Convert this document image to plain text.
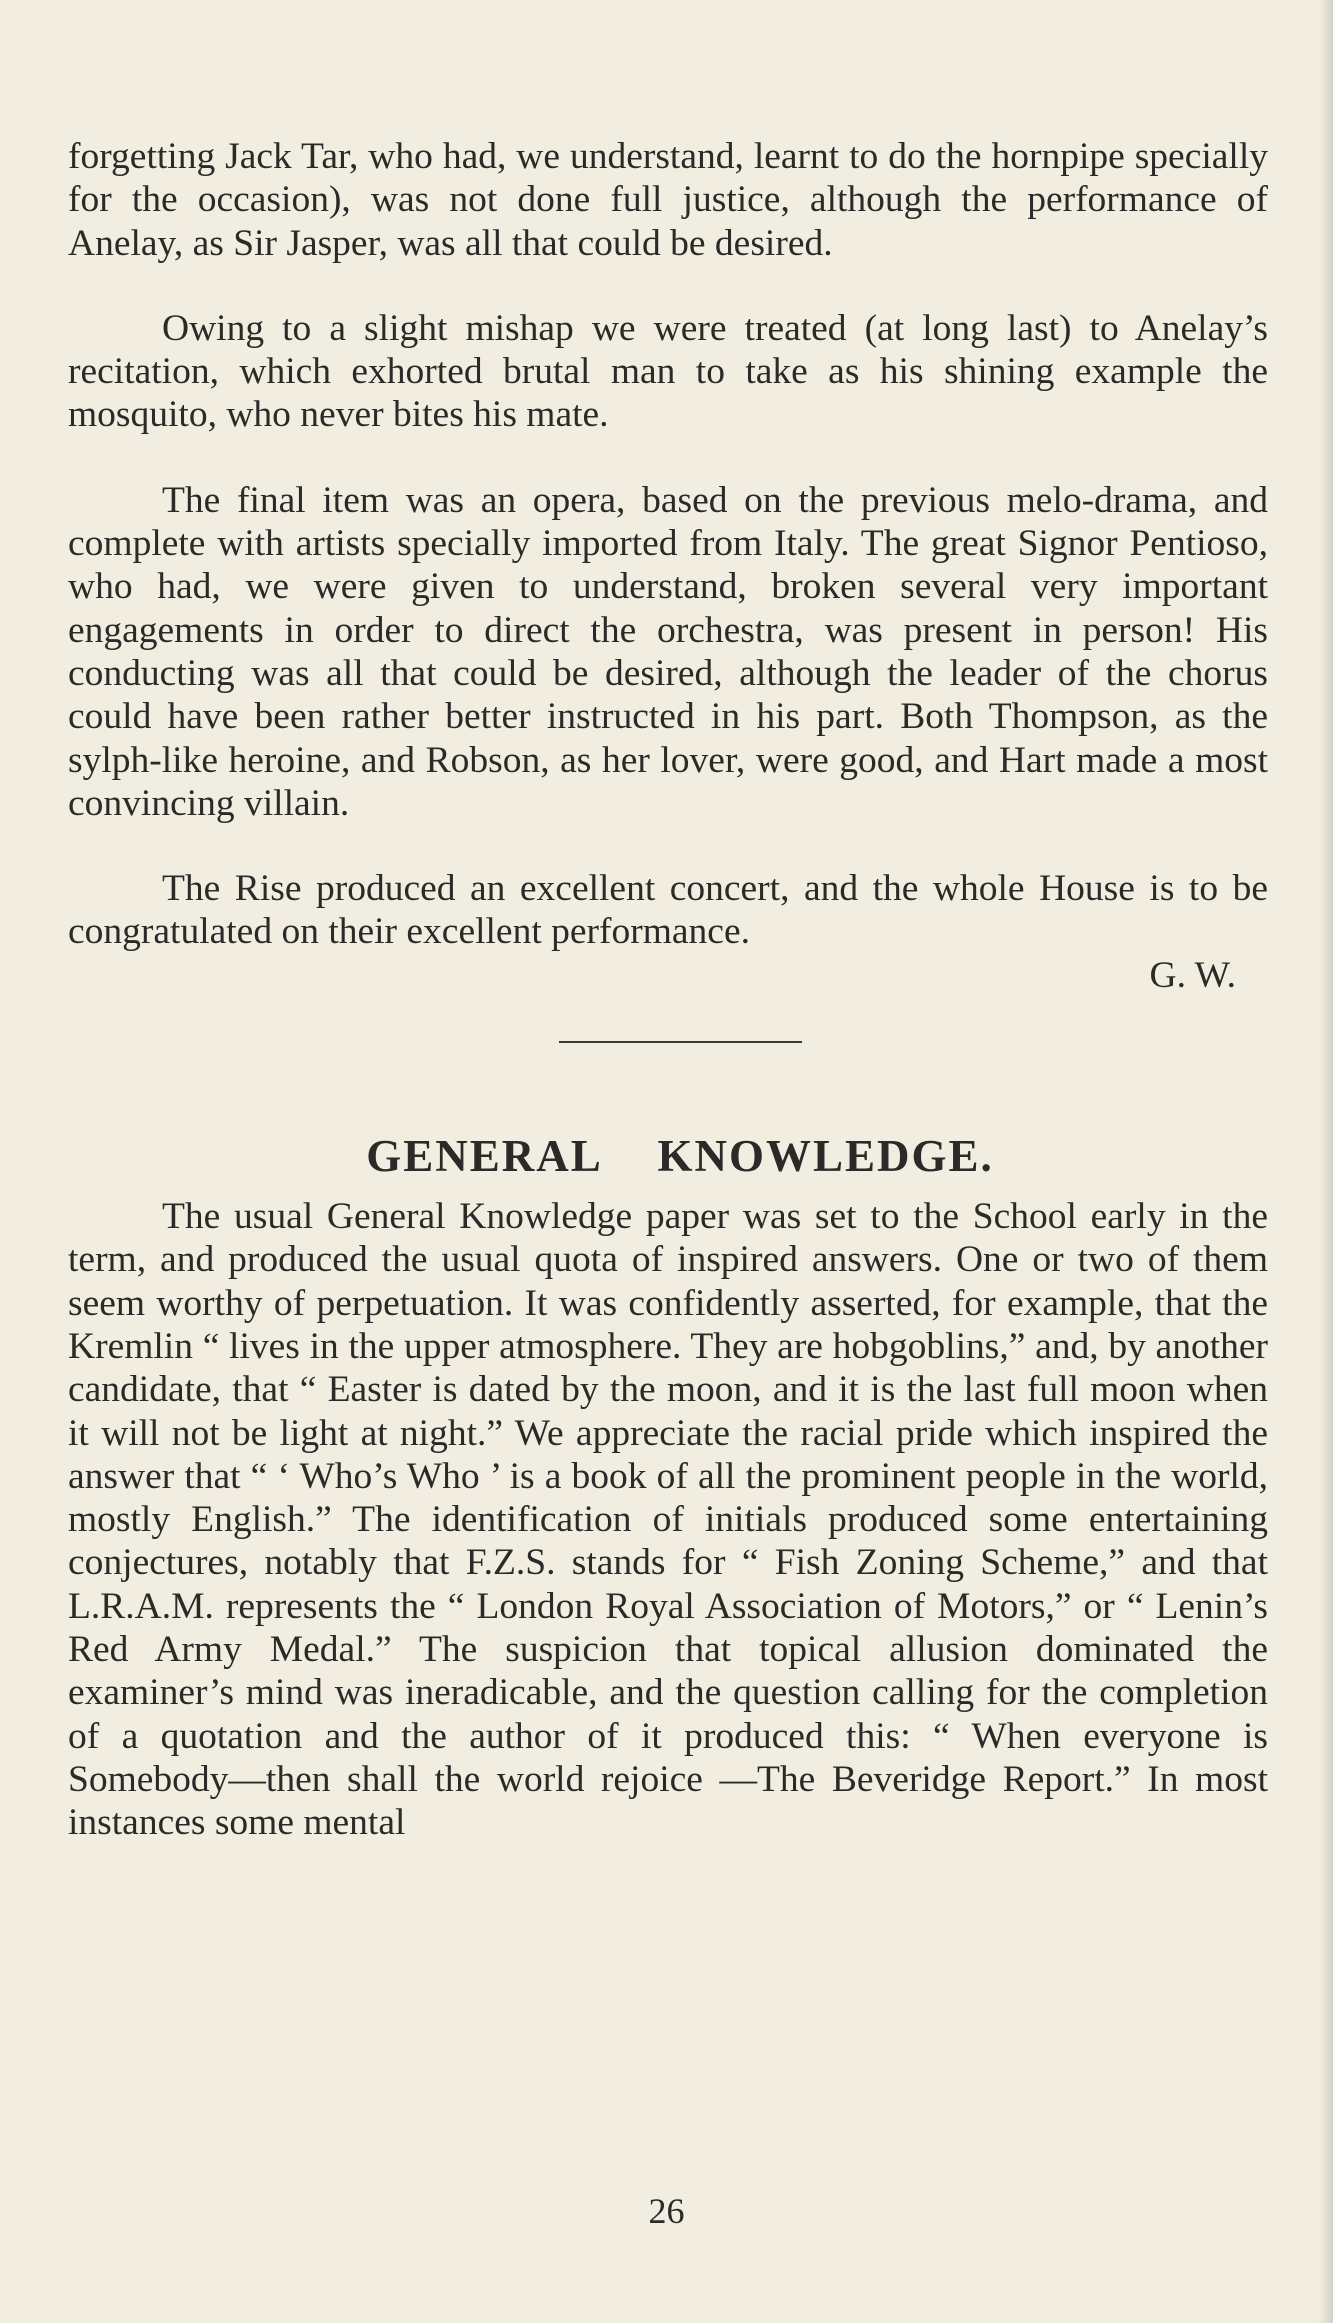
forgetting Jack Tar, who had, we understand, learnt to do the hornpipe specially for the occasion), was not done full justice, although the performance of Anelay, as Sir Jasper, was all that could be desired.

Owing to a slight mishap we were treated (at long last) to Anelay’s recitation, which exhorted brutal man to take as his shining example the mosquito, who never bites his mate.

The final item was an opera, based on the previous melo-drama, and complete with artists specially imported from Italy. The great Signor Pentioso, who had, we were given to understand, broken several very important engagements in order to direct the orchestra, was present in person! His conducting was all that could be desired, although the leader of the chorus could have been rather better instructed in his part. Both Thompson, as the sylph-like heroine, and Robson, as her lover, were good, and Hart made a most convincing villain.

The Rise produced an excellent concert, and the whole House is to be congratulated on their excellent performance.

G. W.
GENERAL KNOWLEDGE.

The usual General Knowledge paper was set to the School early in the term, and produced the usual quota of inspired answers. One or two of them seem worthy of perpetuation. It was confidently asserted, for example, that the Kremlin “ lives in the upper atmosphere. They are hobgoblins,” and, by another candidate, that “ Easter is dated by the moon, and it is the last full moon when it will not be light at night.” We appreciate the racial pride which inspired the answer that “ ‘ Who’s Who ’ is a book of all the prominent people in the world, mostly English.” The identification of initials produced some entertaining conjectures, notably that F.Z.S. stands for “ Fish Zoning Scheme,” and that L.R.A.M. represents the “ London Royal Association of Motors,” or “ Lenin’s Red Army Medal.” The suspicion that topical allusion dominated the examiner’s mind was ineradicable, and the question calling for the completion of a quotation and the author of it produced this: “ When everyone is Somebody—then shall the world rejoice —The Beveridge Report.” In most instances some mental

26
